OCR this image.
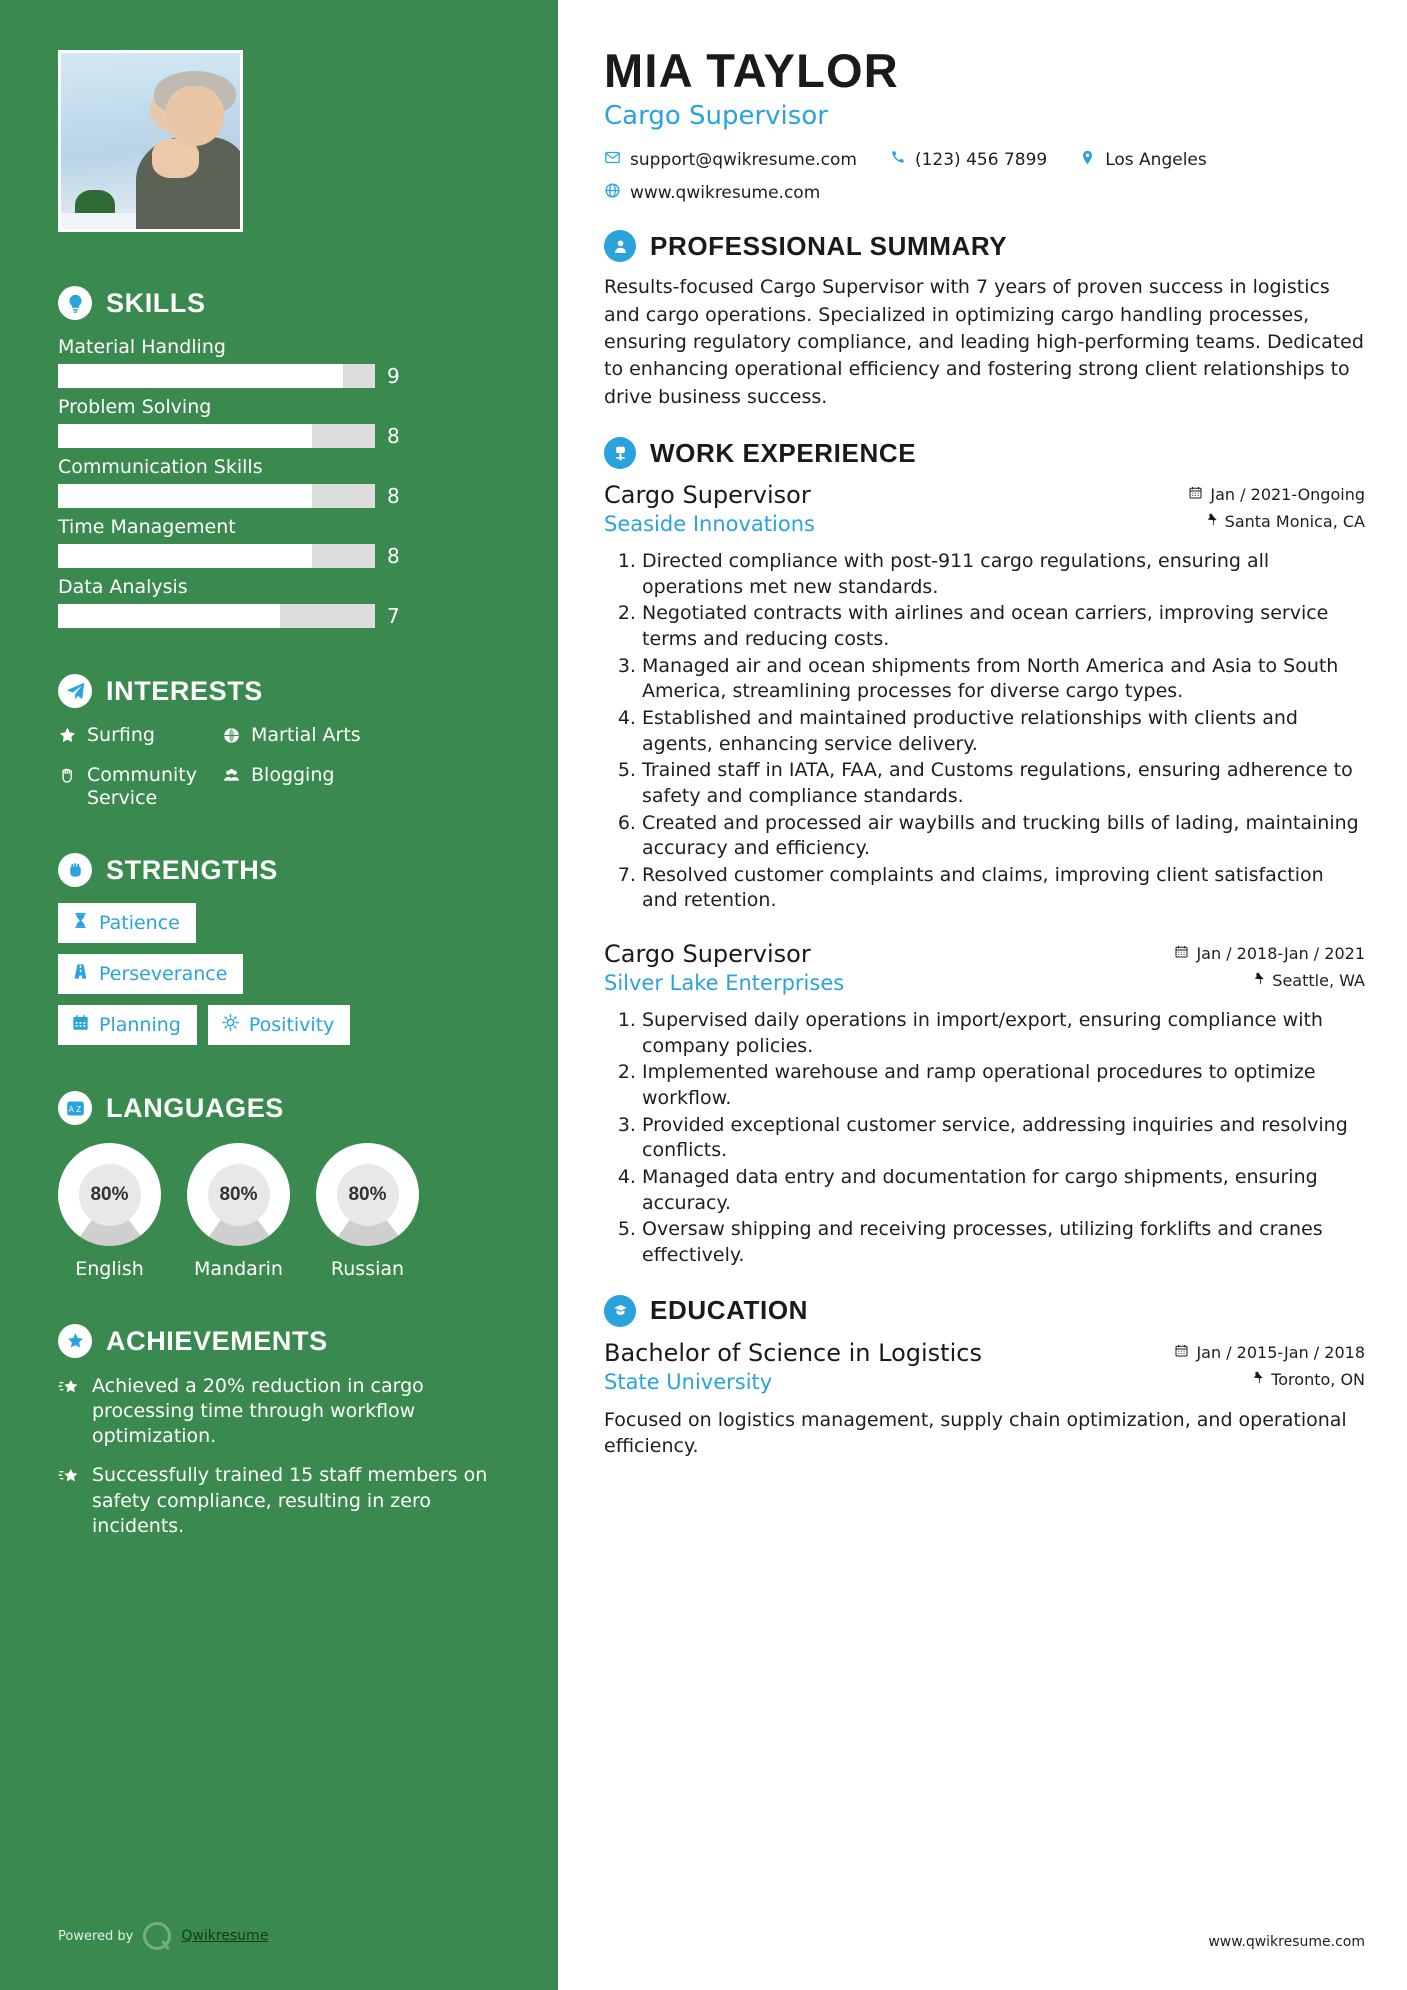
SKILLS
Material Handling
9
Problem Solving
8
Communication Skills
8
Time Management
8
Data Analysis
7
INTERESTS
Surfing	Martial Arts
Community Service
Blogging
STRENGTHS
Patience
Perseverance
Planning	Positivity
A Z LANGUAGES
80%
English
80%
Mandarin
80%
Russian
ACHIEVEMENTS
Achieved a 20% reduction in cargo processing time through workflow optimization.
Successfully trained 15 staff members on safety compliance, resulting in zero incidents.
Powered by	Qwikresume
MIA TAYLOR
Cargo Supervisor
support@qwikresume.com	(123) 456 7899	Los Angeles
www.qwikresume.com
PROFESSIONAL SUMMARY

Results-focused Cargo Supervisor with 7 years of proven success in logistics and cargo operations. Specialized in optimizing cargo handling processes, ensuring regulatory compliance, and leading high-performing teams. Dedicated to enhancing operational efficiency and fostering strong client relationships to drive business success.

WORK EXPERIENCE
Cargo Supervisor
Seaside Innovations
Jan / 2021-Ongoing
Santa Monica, CA
1. Directed compliance with post-911 cargo regulations, ensuring all operations met new standards.
2. Negotiated contracts with airlines and ocean carriers, improving service terms and reducing costs.
3. Managed air and ocean shipments from North America and Asia to South America, streamlining processes for diverse cargo types.
4. Established and maintained productive relationships with clients and agents, enhancing service delivery.
5. Trained staff in IATA, FAA, and Customs regulations, ensuring adherence to safety and compliance standards.
6. Created and processed air waybills and trucking bills of lading, maintaining accuracy and efficiency.
7. Resolved customer complaints and claims, improving client satisfaction and retention.
Cargo Supervisor
Silver Lake Enterprises
Jan / 2018-Jan / 2021
Seattle, WA
1. Supervised daily operations in import/export, ensuring compliance with company policies.
2. Implemented warehouse and ramp operational procedures to optimize workflow.
3. Provided exceptional customer service, addressing inquiries and resolving conflicts.
4. Managed data entry and documentation for cargo shipments, ensuring accuracy.
5. Oversaw shipping and receiving processes, utilizing forklifts and cranes effectively.
EDUCATION
Bachelor of Science in Logistics
State University
Jan / 2015-Jan / 2018
Toronto, ON
Focused on logistics management, supply chain optimization, and operational efficiency.
www.qwikresume.com
